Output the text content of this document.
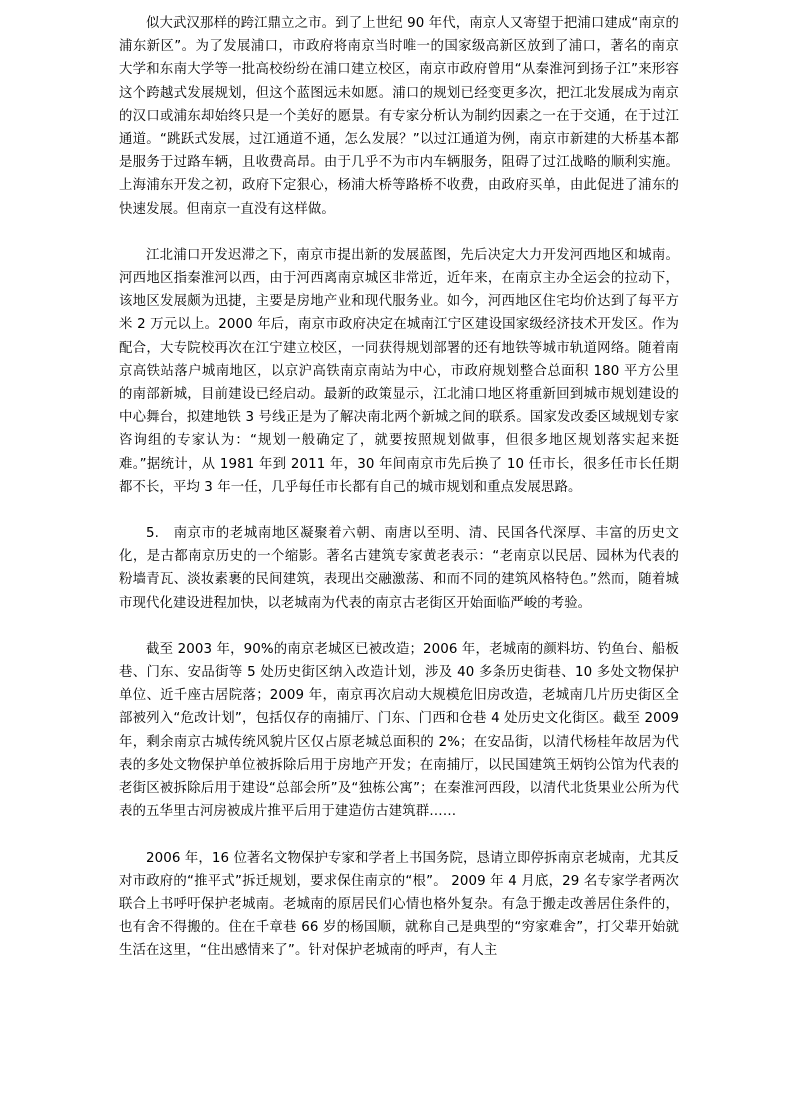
似大武汉那样的跨江鼎立之市。到了上世纪 90 年代，南京人又寄望于把浦口建成“南京的浦东新区”。为了发展浦口，市政府将南京当时唯一的国家级高新区放到了浦口，著名的南京大学和东南大学等一批高校纷纷在浦口建立校区，南京市政府曾用“从秦淮河到扬子江”来形容这个跨越式发展规划，但这个蓝图远未如愿。浦口的规划已经变更多次，把江北发展成为南京的汉口或浦东却始终只是一个美好的愿景。有专家分析认为制约因素之一在于交通，在于过江通道。“跳跃式发展，过江通道不通，怎么发展？”以过江通道为例，南京市新建的大桥基本都是服务于过路车辆，且收费高昂。由于几乎不为市内车辆服务，阻碍了过江战略的顺利实施。上海浦东开发之初，政府下定狠心，杨浦大桥等路桥不收费，由政府买单，由此促进了浦东的快速发展。但南京一直没有这样做。

江北浦口开发迟滞之下，南京市提出新的发展蓝图，先后决定大力开发河西地区和城南。河西地区指秦淮河以西，由于河西离南京城区非常近，近年来，在南京主办全运会的拉动下，该地区发展颇为迅捷，主要是房地产业和现代服务业。如今，河西地区住宅均价达到了每平方米 2 万元以上。2000 年后，南京市政府决定在城南江宁区建设国家级经济技术开发区。作为配合，大专院校再次在江宁建立校区，一同获得规划部署的还有地铁等城市轨道网络。随着南京高铁站落户城南地区，以京沪高铁南京南站为中心，市政府规划整合总面积 180 平方公里的南部新城，目前建设已经启动。最新的政策显示，江北浦口地区将重新回到城市规划建设的中心舞台，拟建地铁 3 号线正是为了解决南北两个新城之间的联系。国家发改委区域规划专家咨询组的专家认为：“规划一般确定了，就要按照规划做事，但很多地区规划落实起来挺难。”据统计，从 1981 年到 2011 年，30 年间南京市先后换了 10 任市长，很多任市长任期都不长，平均 3 年一任，几乎每任市长都有自己的城市规划和重点发展思路。

5.　南京市的老城南地区凝聚着六朝、南唐以至明、清、民国各代深厚、丰富的历史文化，是古都南京历史的一个缩影。著名古建筑专家黄老表示：“老南京以民居、园林为代表的粉墙青瓦、淡妆素裹的民间建筑，表现出交融激荡、和而不同的建筑风格特色。”然而，随着城市现代化建设进程加快，以老城南为代表的南京古老街区开始面临严峻的考验。

截至 2003 年，90%的南京老城区已被改造；2006 年，老城南的颜料坊、钓鱼台、船板巷、门东、安品街等 5 处历史街区纳入改造计划，涉及 40 多条历史街巷、10 多处文物保护单位、近千座古居院落；2009 年，南京再次启动大规模危旧房改造，老城南几片历史街区全部被列入“危改计划”，包括仅存的南捕厅、门东、门西和仓巷 4 处历史文化街区。截至 2009 年，剩余南京古城传统风貌片区仅占原老城总面积的 2%；在安品街，以清代杨桂年故居为代表的多处文物保护单位被拆除后用于房地产开发；在南捕厅，以民国建筑王炳钧公馆为代表的老街区被拆除后用于建设“总部会所”及“独栋公寓”；在秦淮河西段，以清代北货果业公所为代表的五华里古河房被成片推平后用于建造仿古建筑群……

2006 年，16 位著名文物保护专家和学者上书国务院，恳请立即停拆南京老城南，尤其反对市政府的“推平式”拆迁规划，要求保住南京的“根”。 2009 年 4 月底，29 名专家学者两次联合上书呼吁保护老城南。老城南的原居民们心情也格外复杂。有急于搬走改善居住条件的，也有舍不得搬的。住在千章巷 66 岁的杨国顺，就称自己是典型的“穷家难舍”，打父辈开始就生活在这里，“住出感情来了”。针对保护老城南的呼声，有人主
